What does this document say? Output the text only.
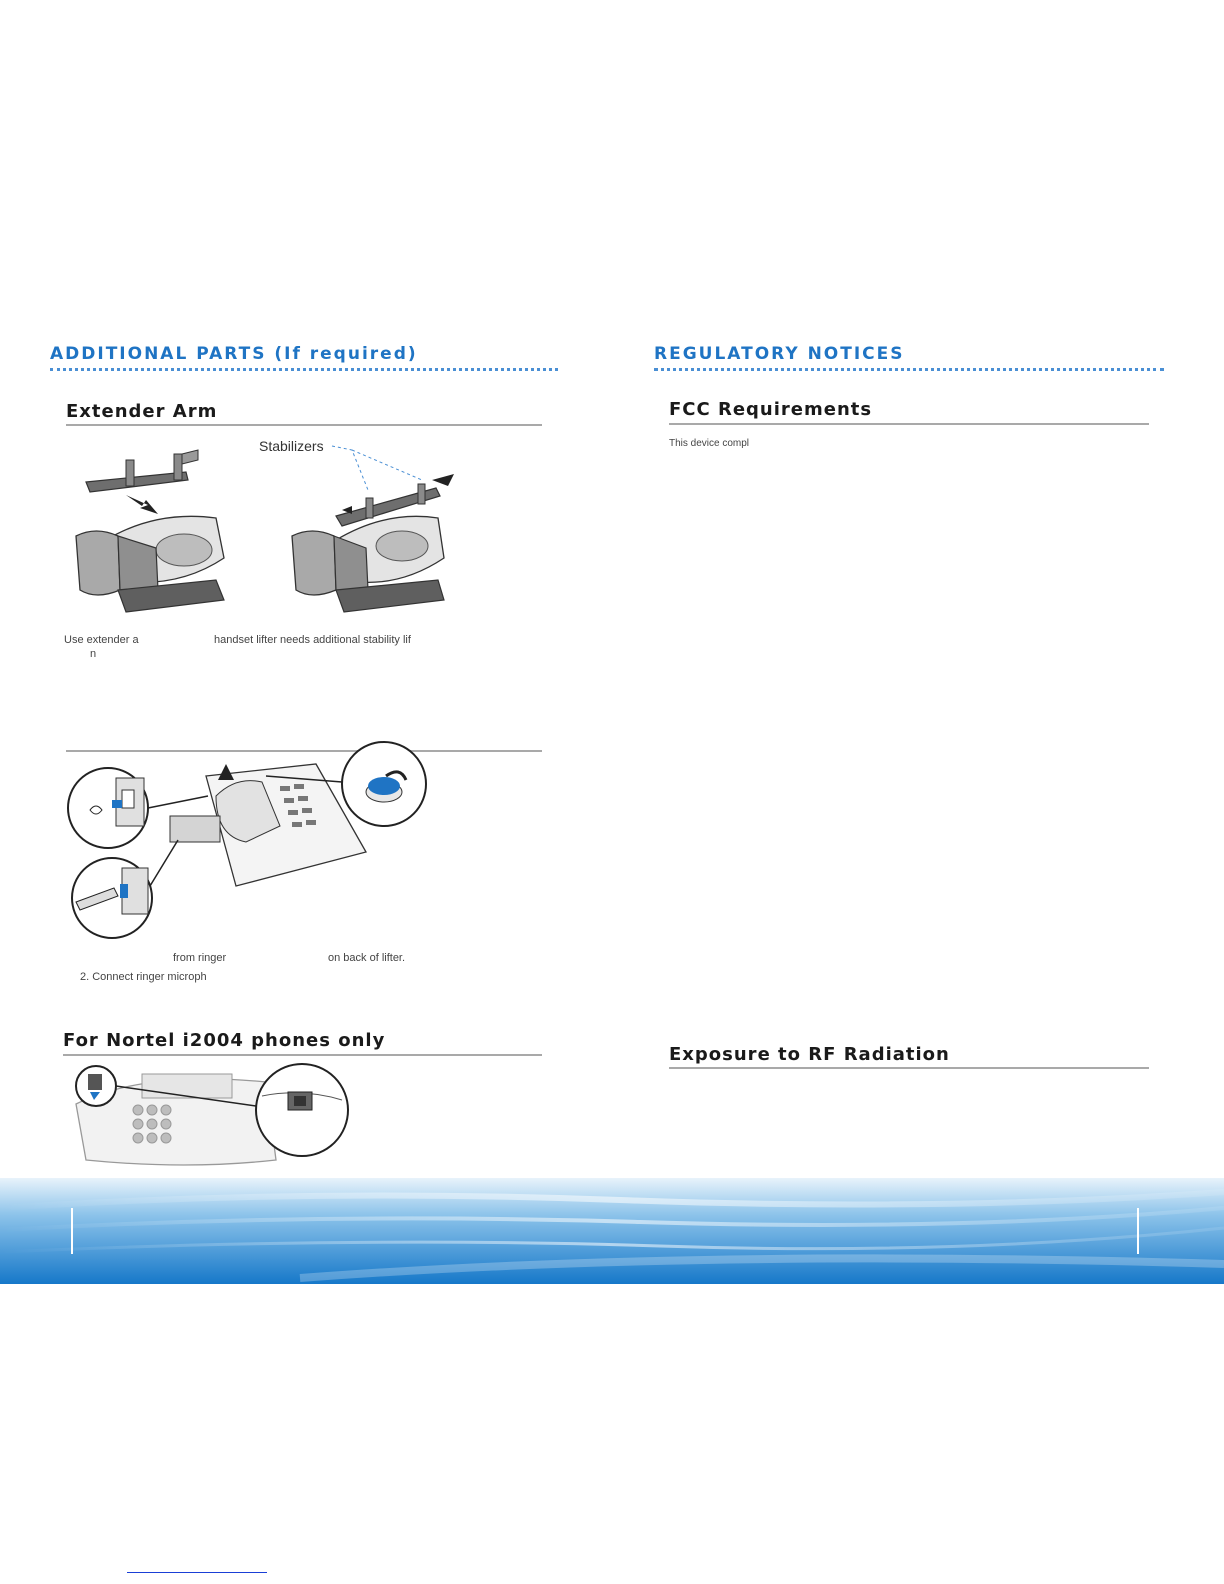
ADDITIONAL PARTS (If required)
Extender Arm
Stabilizers

Use extender a	handset lifter needs additional stability lif

n

from ringer	on back of lifter.

2. Connect ringer microph

For Nortel i2004 phones only
REGULATORY NOTICES
FCC Requirements

This device compl

Exposure to RF Radiation
